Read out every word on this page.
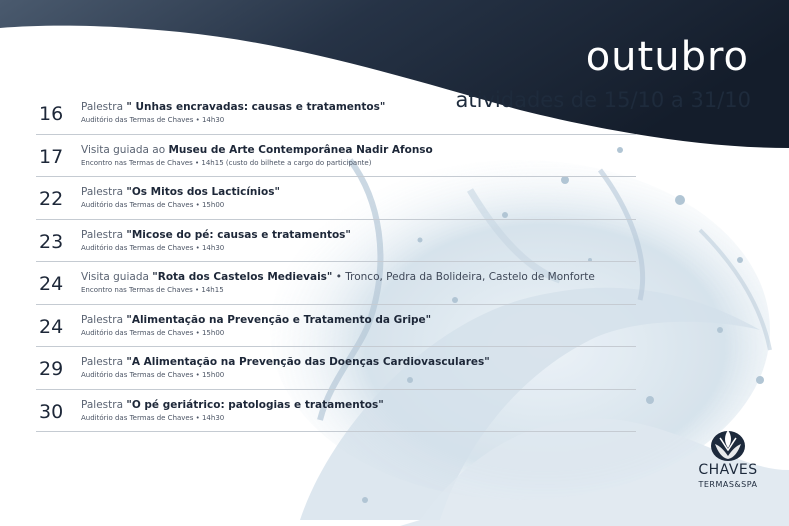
outubro
atividades de 15/10 a 31/10
16	Palestra " Unhas encravadas: causas e tratamentos"
Auditório das Termas de Chaves • 14h30
17	Visita guiada ao Museu de Arte Contemporânea Nadir Afonso
Encontro nas Termas de Chaves • 14h15 (custo do bilhete a cargo do participante)
22	Palestra "Os Mitos dos Lacticínios"
Auditório das Termas de Chaves • 15h00
23	Palestra "Micose do pé: causas e tratamentos"
Auditório das Termas de Chaves • 14h30
24	Visita guiada "Rota dos Castelos Medievais" • Tronco, Pedra da Bolideira, Castelo de Monforte
Encontro nas Termas de Chaves • 14h15
24	Palestra "Alimentação na Prevenção e Tratamento da Gripe"
Auditório das Termas de Chaves • 15h00
29	Palestra "A Alimentação na Prevenção das Doenças Cardiovasculares"
Auditório das Termas de Chaves • 15h00
30	Palestra "O pé geriátrico: patologias e tratamentos"
Auditório das Termas de Chaves • 14h30
CHAVES
TERMAS&SPA
